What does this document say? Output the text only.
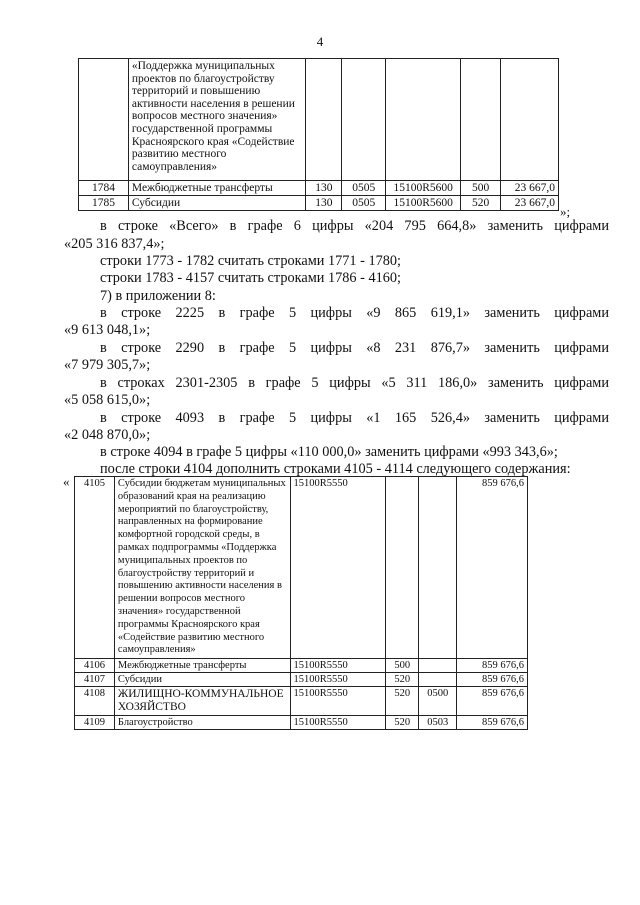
4
	«Поддержка муниципальных проектов по благоустройству территорий и повышению активности населения в решении вопросов местного значения» государственной программы Красноярского края «Содействие развитию местного самоуправления»					
1784	Межбюджетные трансферты	130	0505	15100R5600	500	23 667,0
1785	Субсидии	130	0505	15100R5600	520	23 667,0
»;
в строке «Всего» в графе 6 цифры «204 795 664,8» заменить цифрами
«205 316 837,4»;
строки 1773 - 1782 считать строками 1771 - 1780;
строки 1783 - 4157 считать строками 1786 - 4160;
7) в приложении 8:
в строке 2225 в графе 5 цифры «9 865 619,1» заменить цифрами
«9 613 048,1»;
в строке 2290 в графе 5 цифры «8 231 876,7» заменить цифрами
«7 979 305,7»;
в строках 2301-2305 в графе 5 цифры «5 311 186,0» заменить цифрами
«5 058 615,0»;
в строке 4093 в графе 5 цифры «1 165 526,4» заменить цифрами
«2 048 870,0»;
в строке 4094 в графе 5 цифры «110 000,0» заменить цифрами «993 343,6»;
после строки 4104 дополнить строками 4105 - 4114 следующего содержания:
« 4105	Субсидии бюджетам муниципальных образований края на реализацию мероприятий по благоустройству, направленных на формирование комфортной городской среды, в рамках подпрограммы «Поддержка муниципальных проектов по благоустройству территорий и повышению активности населения в решении вопросов местного значения» государственной программы Красноярского края «Содействие развитию местного самоуправления»	15100R5550			859 676,6
4106	Межбюджетные трансферты	15100R5550	500		859 676,6
4107	Субсидии	15100R5550	520		859 676,6
4108	ЖИЛИЩНО-КОММУНАЛЬНОЕ ХОЗЯЙСТВО	15100R5550	520	0500	859 676,6
4109	Благоустройство	15100R5550	520	0503	859 676,6
